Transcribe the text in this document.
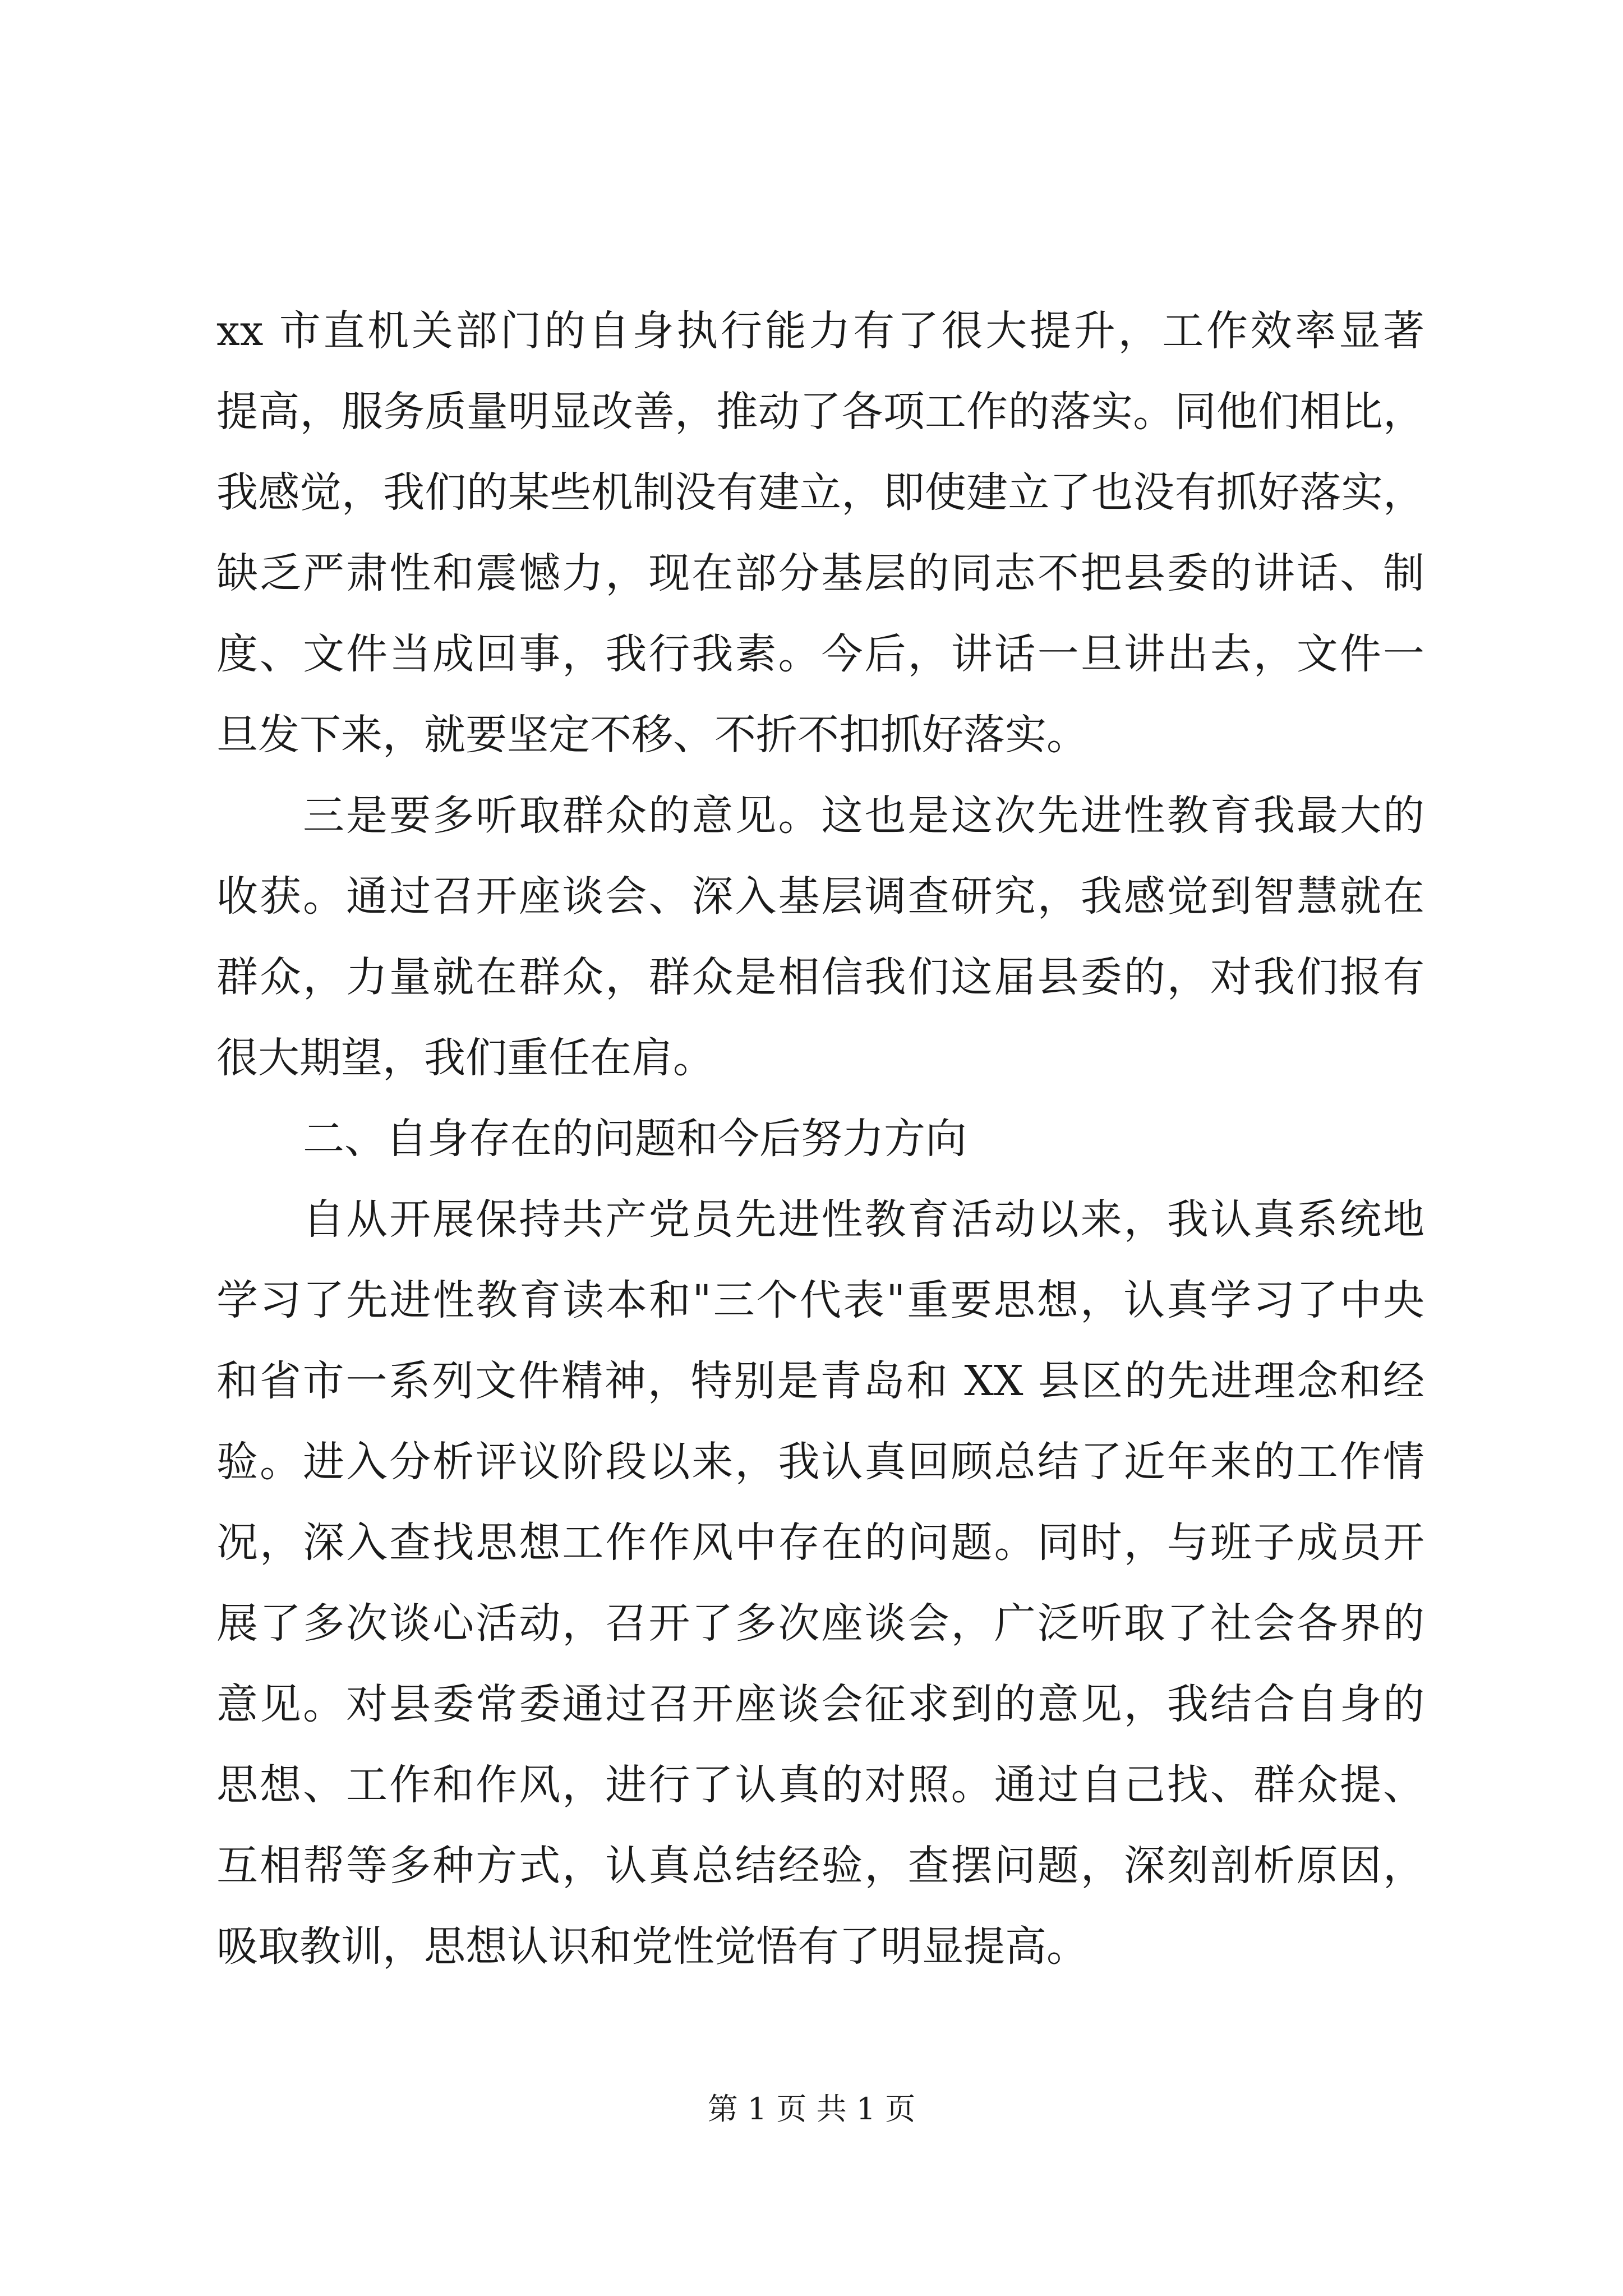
xx 市直机关部门的自身执行能力有了很大提升，工作效率显著
提高，服务质量明显改善，推动了各项工作的落实。同他们相比，
我感觉，我们的某些机制没有建立，即使建立了也没有抓好落实，
缺乏严肃性和震憾力，现在部分基层的同志不把县委的讲话、制
度、文件当成回事，我行我素。今后，讲话一旦讲出去，文件一
旦发下来，就要坚定不移、不折不扣抓好落实。
三是要多听取群众的意见。这也是这次先进性教育我最大的
收获。通过召开座谈会、深入基层调查研究，我感觉到智慧就在
群众，力量就在群众，群众是相信我们这届县委的，对我们报有
很大期望，我们重任在肩。
二、自身存在的问题和今后努力方向
自从开展保持共产党员先进性教育活动以来，我认真系统地
学习了先进性教育读本和"三个代表"重要思想，认真学习了中央
和省市一系列文件精神，特别是青岛和 XX 县区的先进理念和经
验。进入分析评议阶段以来，我认真回顾总结了近年来的工作情
况，深入查找思想工作作风中存在的问题。同时，与班子成员开
展了多次谈心活动，召开了多次座谈会，广泛听取了社会各界的
意见。对县委常委通过召开座谈会征求到的意见，我结合自身的
思想、工作和作风，进行了认真的对照。通过自己找、群众提、
互相帮等多种方式，认真总结经验，查摆问题，深刻剖析原因，
吸取教训，思想认识和党性觉悟有了明显提高。
第 1 页 共 1 页
